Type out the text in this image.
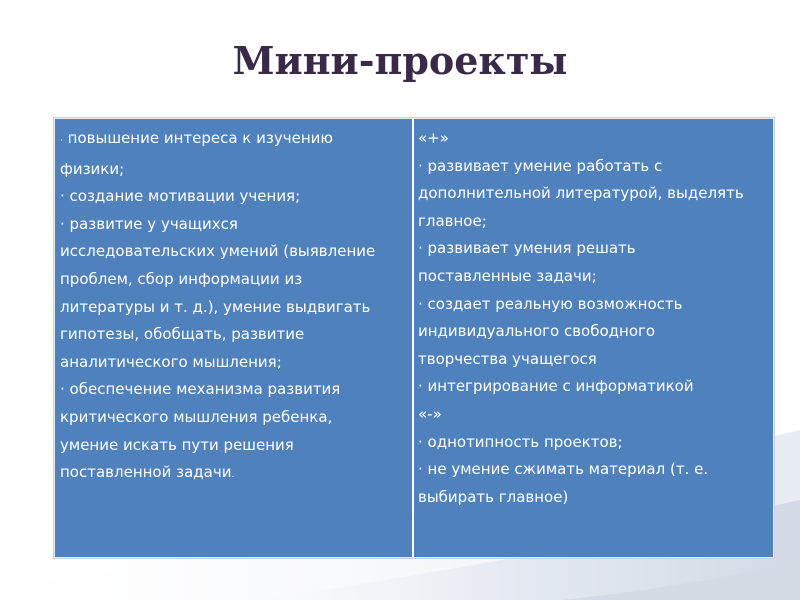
Мини-проекты
· повышение интереса к изучению
физики;
· создание мотивации учения;
· развитие у учащихся
исследовательских умений (выявление
проблем, сбор информации из
литературы и т. д.), умение выдвигать
гипотезы, обобщать, развитие
аналитического мышления;
· обеспечение механизма развития
критического мышления ребенка,
умение искать пути решения
поставленной задачи.
«+»
· развивает умение работать с
дополнительной литературой, выделять
главное;
· развивает умения решать
поставленные задачи;
· создает реальную возможность
индивидуального свободного
творчества учащегося
· интегрирование с информатикой
«-»
· однотипность проектов;
· не умение сжимать материал (т. е.
выбирать главное)
